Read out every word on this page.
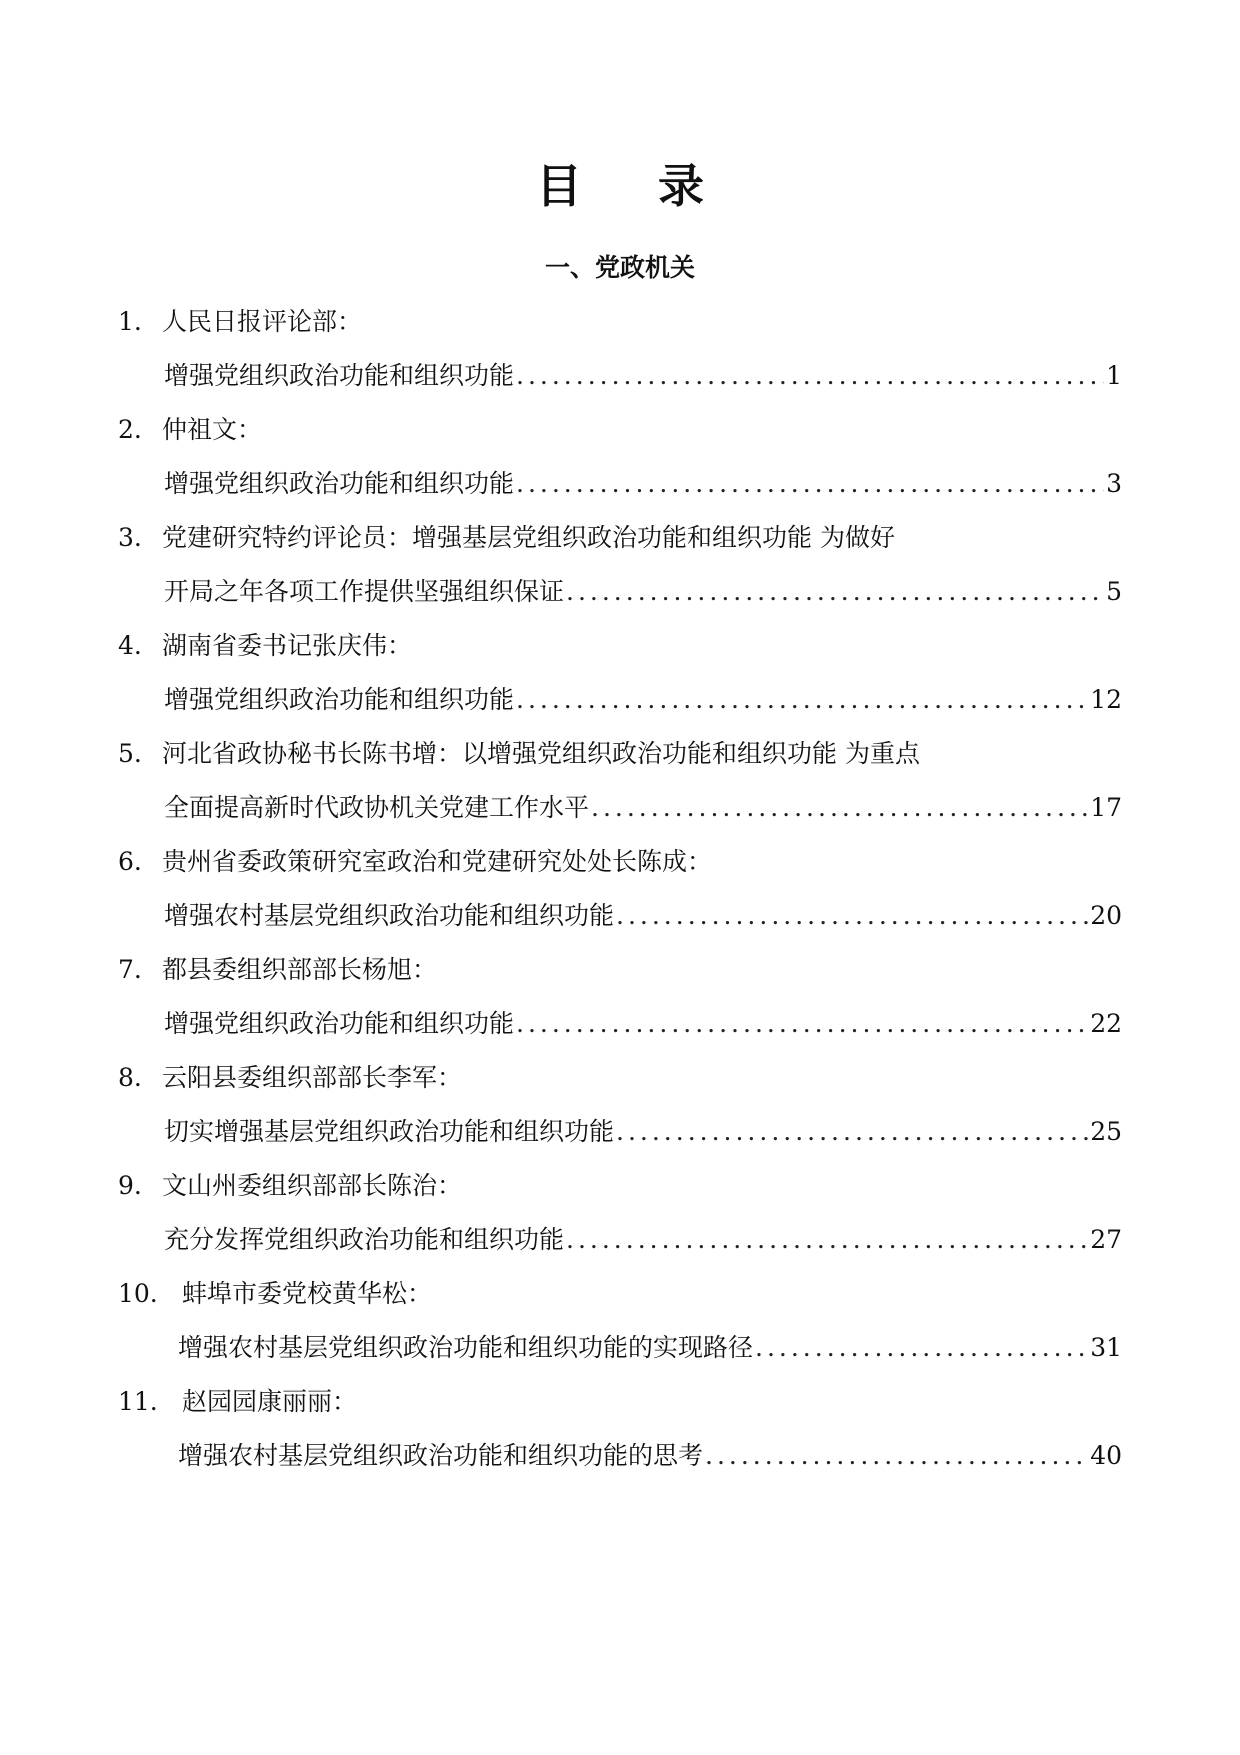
目 录
一、党政机关
1. 人民日报评论部：
增强党组织政治功能和组织功能 .....	1
2. 仲祖文：
增强党组织政治功能和组织功能 .....	3
3. 党建研究特约评论员：增强基层党组织政治功能和组织功能 为做好
开局之年各项工作提供坚强组织保证 .....	5
4. 湖南省委书记张庆伟：
增强党组织政治功能和组织功能 .....	12
5. 河北省政协秘书长陈书增：以增强党组织政治功能和组织功能 为重点
全面提高新时代政协机关党建工作水平 .....	17
6. 贵州省委政策研究室政治和党建研究处处长陈成：
增强农村基层党组织政治功能和组织功能 .....	20
7. 都县委组织部部长杨旭：
增强党组织政治功能和组织功能 .....	22
8. 云阳县委组织部部长李军：
切实增强基层党组织政治功能和组织功能 .....	25
9. 文山州委组织部部长陈治：
充分发挥党组织政治功能和组织功能 .....	27
10. 蚌埠市委党校黄华松：
增强农村基层党组织政治功能和组织功能的实现路径 .....	31
11. 赵园园康丽丽：
增强农村基层党组织政治功能和组织功能的思考 .....	40
